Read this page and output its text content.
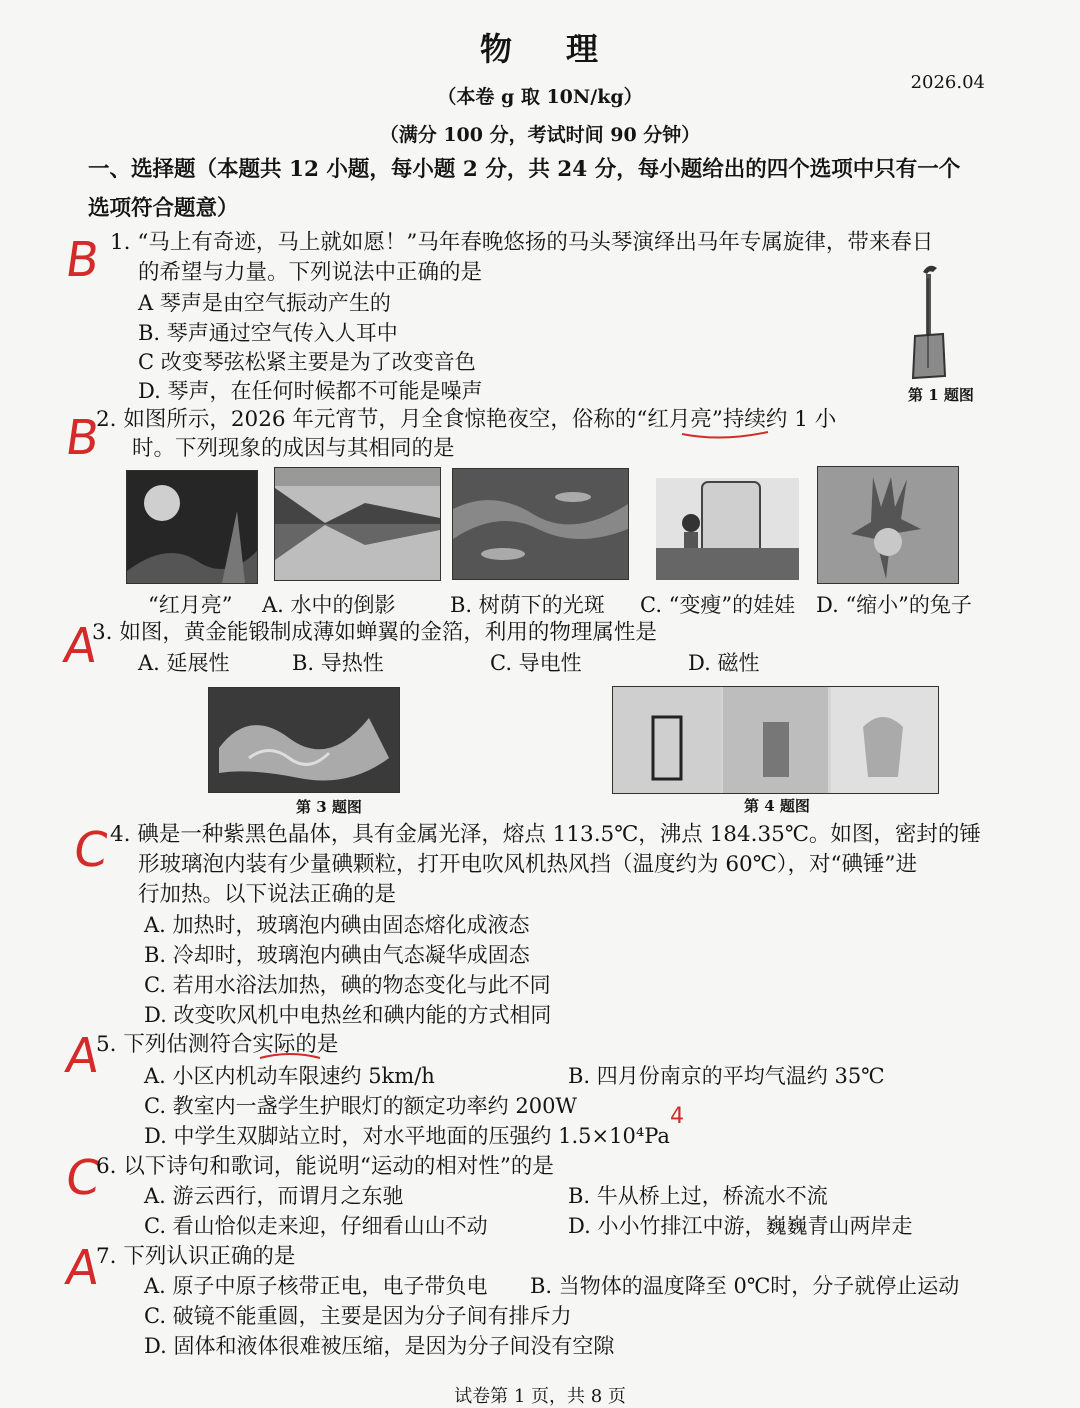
物 理
（本卷 g 取 10N/kg）
2026.04
（满分 100 分，考试时间 90 分钟）
一、选择题（本题共 12 小题，每小题 2 分，共 24 分，每小题给出的四个选项中只有一个
选项符合题意）
B 1. “马上有奇迹，马上就如愿！”马年春晚悠扬的马头琴演绎出马年专属旋律，带来春日
的希望与力量。下列说法中正确的是
A 琴声是由空气振动产生的
B. 琴声通过空气传入人耳中
C 改变琴弦松紧主要是为了改变音色
D. 琴声，在任何时候都不可能是噪声	第 1 题图
B
2. 如图所示，2026 年元宵节，月全食惊艳夜空，俗称的“红月亮”持续约 1 小
时。下列现象的成因与其相同的是
“红月亮” A. 水中的倒影	B. 树荫下的光斑 C. “变瘦”的娃娃 D. “缩小”的兔子
A
3. 如图，黄金能锻制成薄如蝉翼的金箔，利用的物理属性是
A. 延展性	B. 导热性	C. 导电性	D. 磁性
第 3 题图	第 4 题图
C
4. 碘是一种紫黑色晶体，具有金属光泽，熔点 113.5℃，沸点 184.35℃。如图，密封的锤
形玻璃泡内装有少量碘颗粒，打开电吹风机热风挡（温度约为 60℃），对“碘锤”进
行加热。以下说法正确的是
A. 加热时，玻璃泡内碘由固态熔化成液态
B. 冷却时，玻璃泡内碘由气态凝华成固态
C. 若用水浴法加热，碘的物态变化与此不同
D. 改变吹风机中电热丝和碘内能的方式相同
A
5. 下列估测符合实际的是
A. 小区内机动车限速约 5km/h	B. 四月份南京的平均气温约 35℃
C. 教室内一盏学生护眼灯的额定功率约 200W
D. 中学生双脚站立时，对水平地面的压强约 1.5×10⁴Pa
4
C
6. 以下诗句和歌词，能说明“运动的相对性”的是
A. 游云西行，而谓月之东驰	B. 牛从桥上过，桥流水不流
C. 看山恰似走来迎，仔细看山山不动	D. 小小竹排江中游，巍巍青山两岸走
A
7. 下列认识正确的是
A. 原子中原子核带正电，电子带负电 B. 当物体的温度降至 0℃时，分子就停止运动
C. 破镜不能重圆，主要是因为分子间有排斥力
D. 固体和液体很难被压缩，是因为分子间没有空隙
试卷第 1 页，共 8 页
